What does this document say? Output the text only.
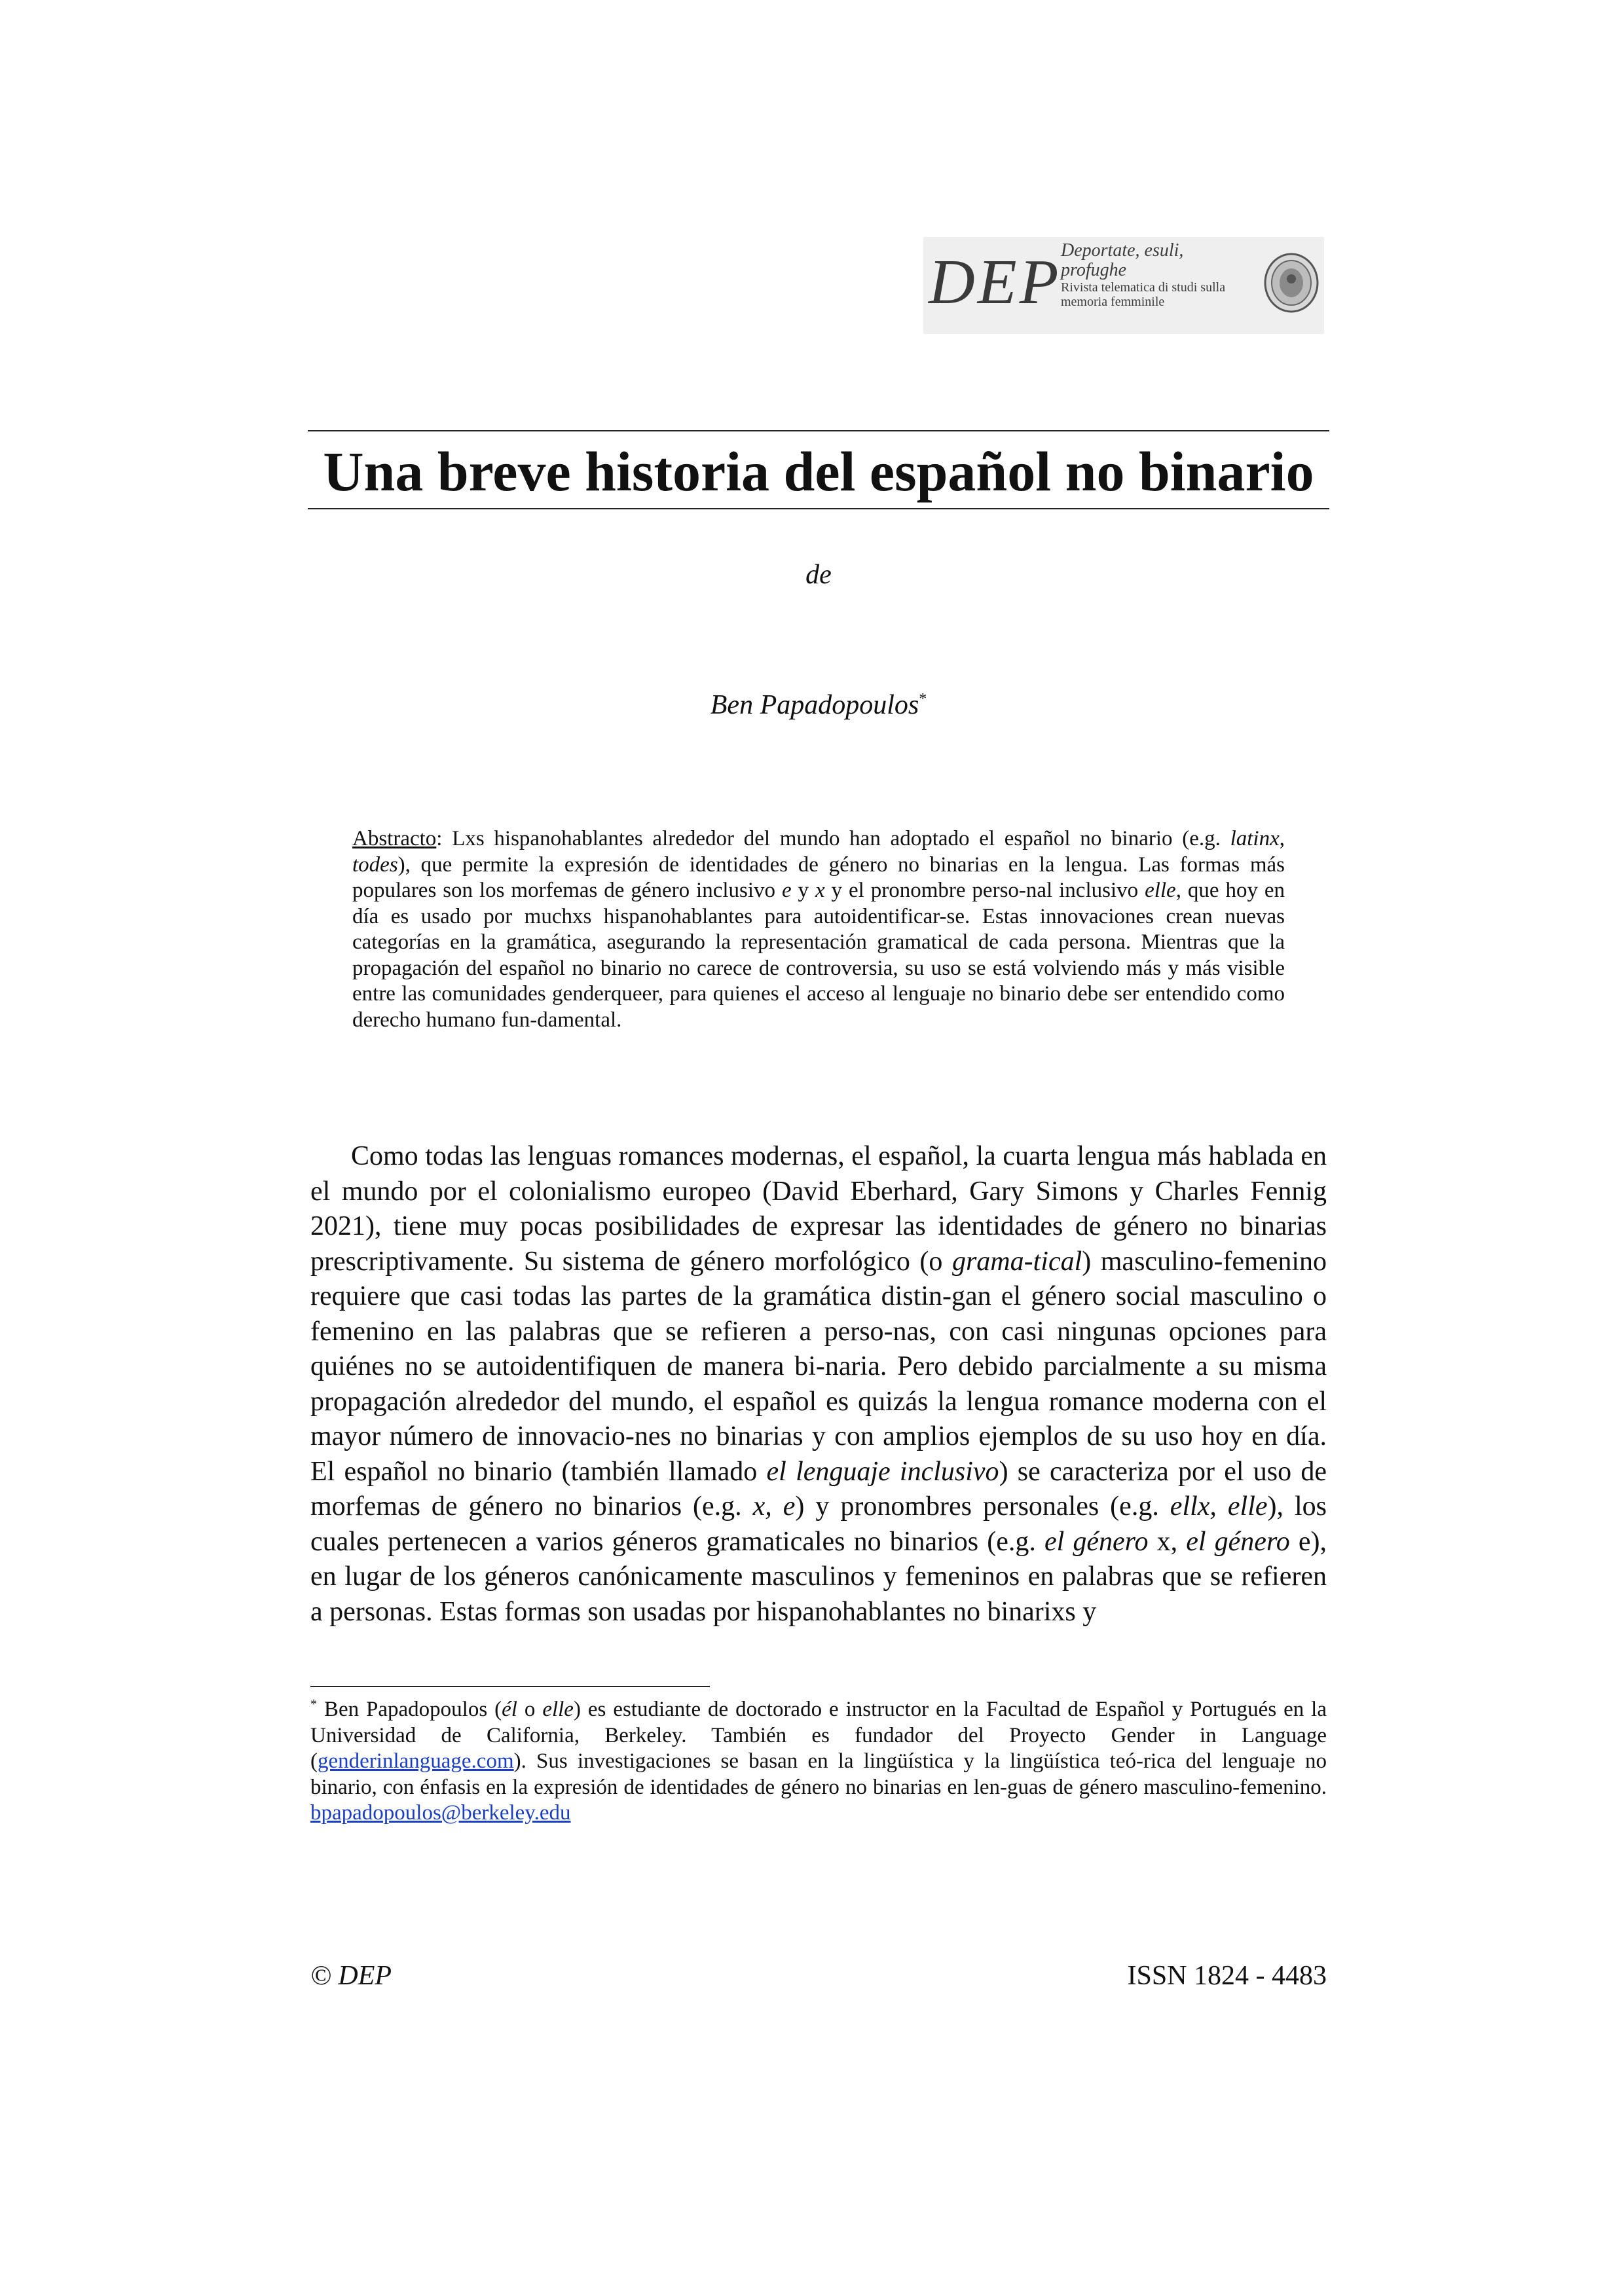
DEP Deportate, esuli,
profughe
Rivista telematica di studi sulla
memoria femminile
Una breve historia del español no binario
de
Ben Papadopoulos*
Abstracto: Lxs hispanohablantes alrededor del mundo han adoptado el español no binario (e.g. latinx, todes), que permite la expresión de identidades de género no binarias en la lengua. Las formas más populares son los morfemas de género inclusivo e y x y el pronombre perso-nal inclusivo elle, que hoy en día es usado por muchxs hispanohablantes para autoidentificar-se. Estas innovaciones crean nuevas categorías en la gramática, asegurando la representación gramatical de cada persona. Mientras que la propagación del español no binario no carece de controversia, su uso se está volviendo más y más visible entre las comunidades genderqueer, para quienes el acceso al lenguaje no binario debe ser entendido como derecho humano fun-damental.
Como todas las lenguas romances modernas, el español, la cuarta lengua más hablada en el mundo por el colonialismo europeo (David Eberhard, Gary Simons y Charles Fennig 2021), tiene muy pocas posibilidades de expresar las identidades de género no binarias prescriptivamente. Su sistema de género morfológico (o grama-tical) masculino-femenino requiere que casi todas las partes de la gramática distin-gan el género social masculino o femenino en las palabras que se refieren a perso-nas, con casi ningunas opciones para quiénes no se autoidentifiquen de manera bi-naria. Pero debido parcialmente a su misma propagación alrededor del mundo, el español es quizás la lengua romance moderna con el mayor número de innovacio-nes no binarias y con amplios ejemplos de su uso hoy en día. El español no binario (también llamado el lenguaje inclusivo) se caracteriza por el uso de morfemas de género no binarios (e.g. x, e) y pronombres personales (e.g. ellx, elle), los cuales pertenecen a varios géneros gramaticales no binarios (e.g. el género x, el género e), en lugar de los géneros canónicamente masculinos y femeninos en palabras que se refieren a personas. Estas formas son usadas por hispanohablantes no binarixs y
* Ben Papadopoulos (él o elle) es estudiante de doctorado e instructor en la Facultad de Español y Portugués en la Universidad de California, Berkeley. También es fundador del Proyecto Gender in Language (genderinlanguage.com). Sus investigaciones se basan en la lingüística y la lingüística teó-rica del lenguaje no binario, con énfasis en la expresión de identidades de género no binarias en len-guas de género masculino-femenino. bpapadopoulos@berkeley.edu
© DEP	ISSN 1824 - 4483
